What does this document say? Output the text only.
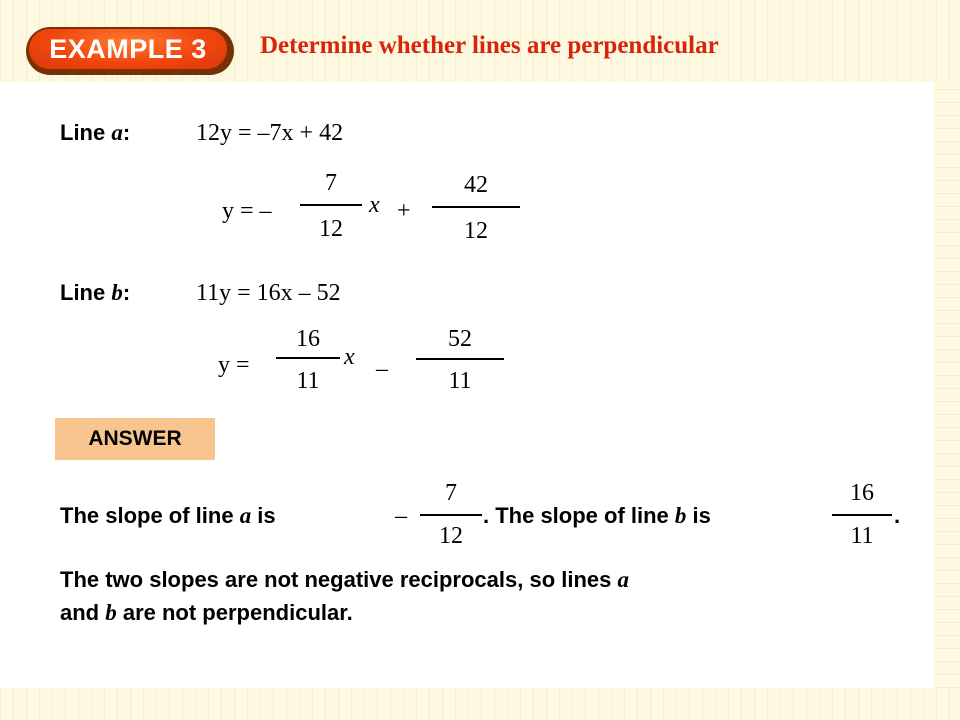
EXAMPLE 3	Determine whether lines are perpendicular
Line a:	12y = –7x + 42
y = –
7
12
x +
42
12
Line b:	11y = 16x – 52
y =
16
11
x –
52
11
ANSWER
The slope of line a is	–
7
12
. The slope of line b is
16
11
.
The two slopes are not negative reciprocals, so lines a
and b are not perpendicular.
